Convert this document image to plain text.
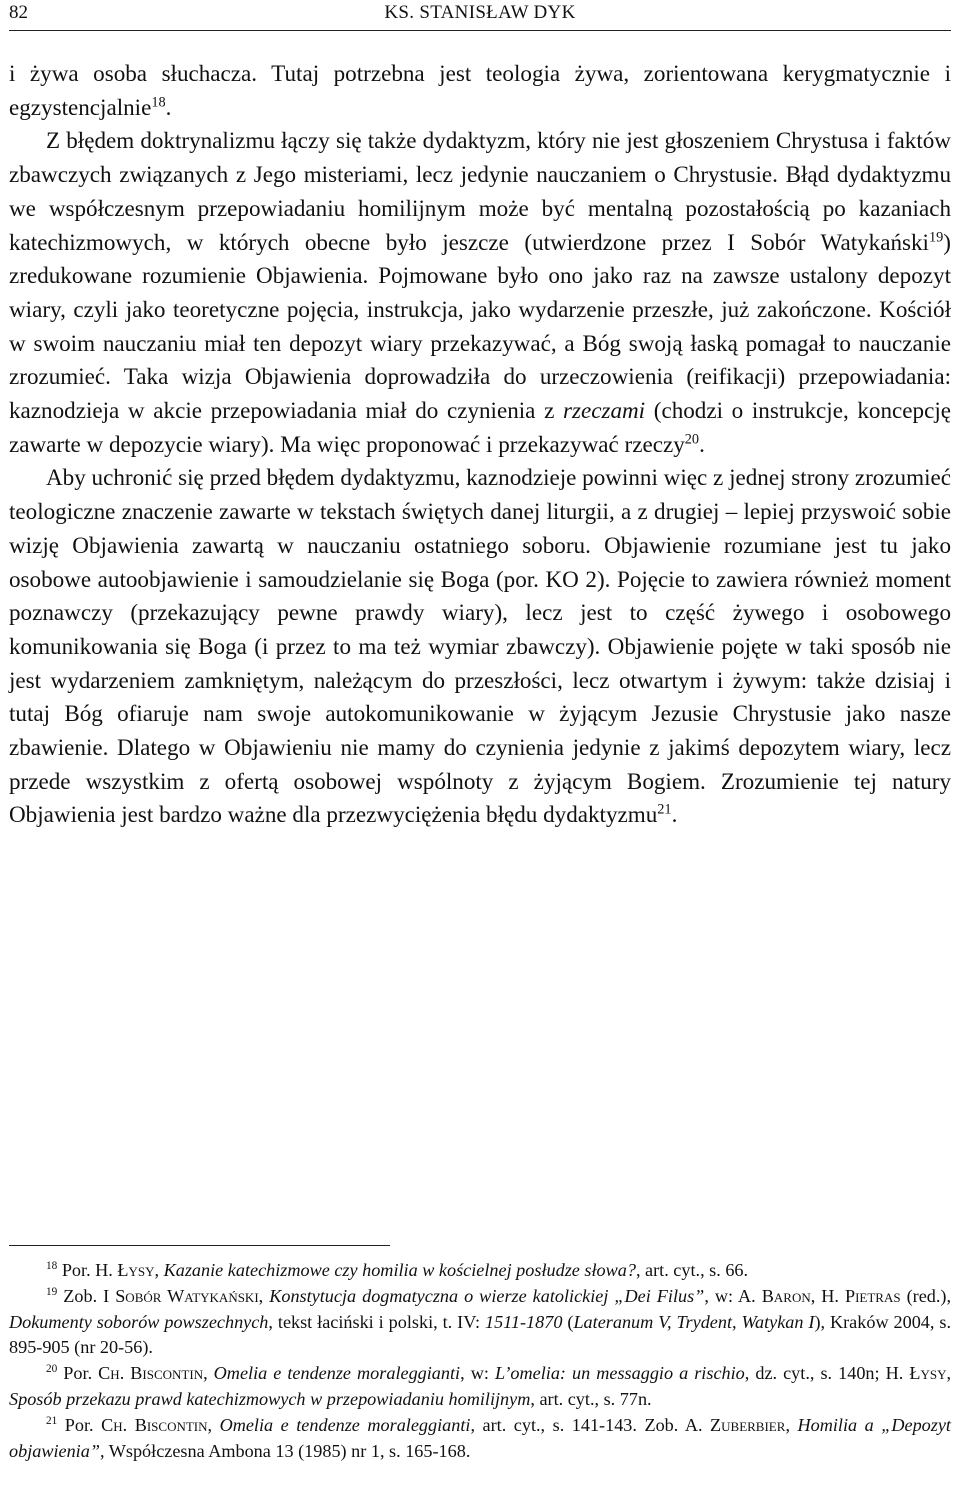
82	KS. STANISŁAW DYK

i żywa osoba słuchacza. Tutaj potrzebna jest teologia żywa, zorientowana kerygmatycznie i egzystencjalnie$^{18}$.

Z błędem doktrynalizmu łączy się także dydaktyzm, który nie jest głoszeniem Chrystusa i faktów zbawczych związanych z Jego misteriami, lecz jedynie nauczaniem o Chrystusie. Błąd dydaktyzmu we współczesnym przepowiadaniu homilijnym może być mentalną pozostałością po kazaniach katechizmowych, w których obecne było jeszcze (utwierdzone przez I Sobór Watykański$^{19}$) zredukowane rozumienie Objawienia. Pojmowane było ono jako raz na zawsze ustalony depozyt wiary, czyli jako teoretyczne pojęcia, instrukcja, jako wydarzenie przeszłe, już zakończone. Kościół w swoim nauczaniu miał ten depozyt wiary przekazywać, a Bóg swoją łaską pomagał to nauczanie zrozumieć. Taka wizja Objawienia doprowadziła do urzeczowienia (reifikacji) przepowiadania: kaznodzieja w akcie przepowiadania miał do czynienia z rzeczami (chodzi o instrukcje, koncepcję zawarte w depozycie wiary). Ma więc proponować i przekazywać rzeczy$^{20}$.

Aby uchronić się przed błędem dydaktyzmu, kaznodzieje powinni więc z jednej strony zrozumieć teologiczne znaczenie zawarte w tekstach świętych danej liturgii, a z drugiej – lepiej przyswoić sobie wizję Objawienia zawartą w nauczaniu ostatniego soboru. Objawienie rozumiane jest tu jako osobowe autoobjawienie i samoudzielanie się Boga (por. KO 2). Pojęcie to zawiera również moment poznawczy (przekazujący pewne prawdy wiary), lecz jest to część żywego i osobowego komunikowania się Boga (i przez to ma też wymiar zbawczy). Objawienie pojęte w taki sposób nie jest wydarzeniem zamkniętym, należącym do przeszłości, lecz otwartym i żywym: także dzisiaj i tutaj Bóg ofiaruje nam swoje autokomunikowanie w żyjącym Jezusie Chrystusie jako nasze zbawienie. Dlatego w Objawieniu nie mamy do czynienia jedynie z jakimś depozytem wiary, lecz przede wszystkim z ofertą osobowej wspólnoty z żyjącym Bogiem. Zrozumienie tej natury Objawienia jest bardzo ważne dla przezwyciężenia błędu dydaktyzmu$^{21}$.

$^{18}$ Por. H. Łysy, Kazanie katechizmowe czy homilia w kościelnej posłudze słowa?, art. cyt., s. 66.

$^{19}$ Zob. I Sobór Watykański, Konstytucja dogmatyczna o wierze katolickiej „Dei Filus”, w: A. Baron, H. Pietras (red.), Dokumenty soborów powszechnych, tekst łaciński i polski, t. IV: 1511-1870 (Lateranum V, Trydent, Watykan I), Kraków 2004, s. 895-905 (nr 20-56).

$^{20}$ Por. Ch. Biscontin, Omelia e tendenze moraleggianti, w: L’omelia: un messaggio a rischio, dz. cyt., s. 140n; H. Łysy, Sposób przekazu prawd katechizmowych w przepowiadaniu homilijnym, art. cyt., s. 77n.

$^{21}$ Por. Ch. Biscontin, Omelia e tendenze moraleggianti, art. cyt., s. 141-143. Zob. A. Zuberbier, Homilia a „Depozyt objawienia”, Współczesna Ambona 13 (1985) nr 1, s. 165-168.
